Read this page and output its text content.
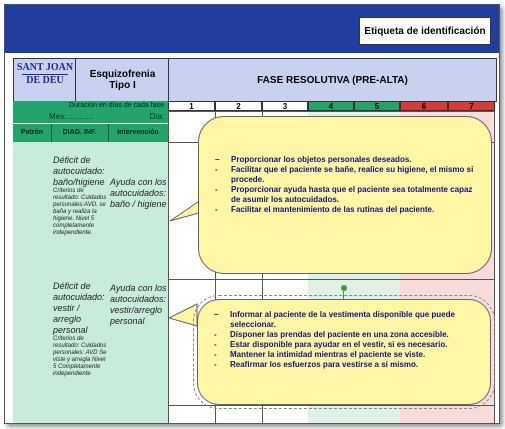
Etiqueta de identificación
SANT JOAN
DE DÉU
Esquizofrenia
Tipo I	FASE RESOLUTIVA (PRE-ALTA)
Duración en días de cada fase
Mes:............	Día:
Patrón	DIAG. INF.	Intervención
1	2	3	4	5	6	7
Déficit de autocuidado: baño/higiene
Criterios de resultado: Cuidados personales:AVD. se baña y realiza la higiene. Nivel 5 completamente independiente.
Ayuda con los autocuidados: baño / higiene
Déficit de autocuidado: vestir / arreglo personal
Criterios de resultado: Cuidados personales: AVD Se viste y arregla Nivel 5 Completamente independiente
Ayuda con los autocuidados: vestir/arreglo personal
–	Proporcionar los objetos personales deseados.
-	Facilitar que el paciente se bañe, realice su higiene, el mismo si procede.
-	Proporcionar ayuda hasta que el paciente sea totalmente capaz de asumir los autocuidados.
-	Facilitar el mantenimiento de las rutinas del paciente.
–	Informar al paciente de la vestimenta disponible que puede seleccionar.
-	Disponer las prendas del paciente en una zona accesible.
-	Estar disponible para ayudar en el vestir, si es necesario.
-	Mantener la intimidad mientras el paciente se viste.
-	Reafirmar los esfuerzos para vestirse a sí mismo.
